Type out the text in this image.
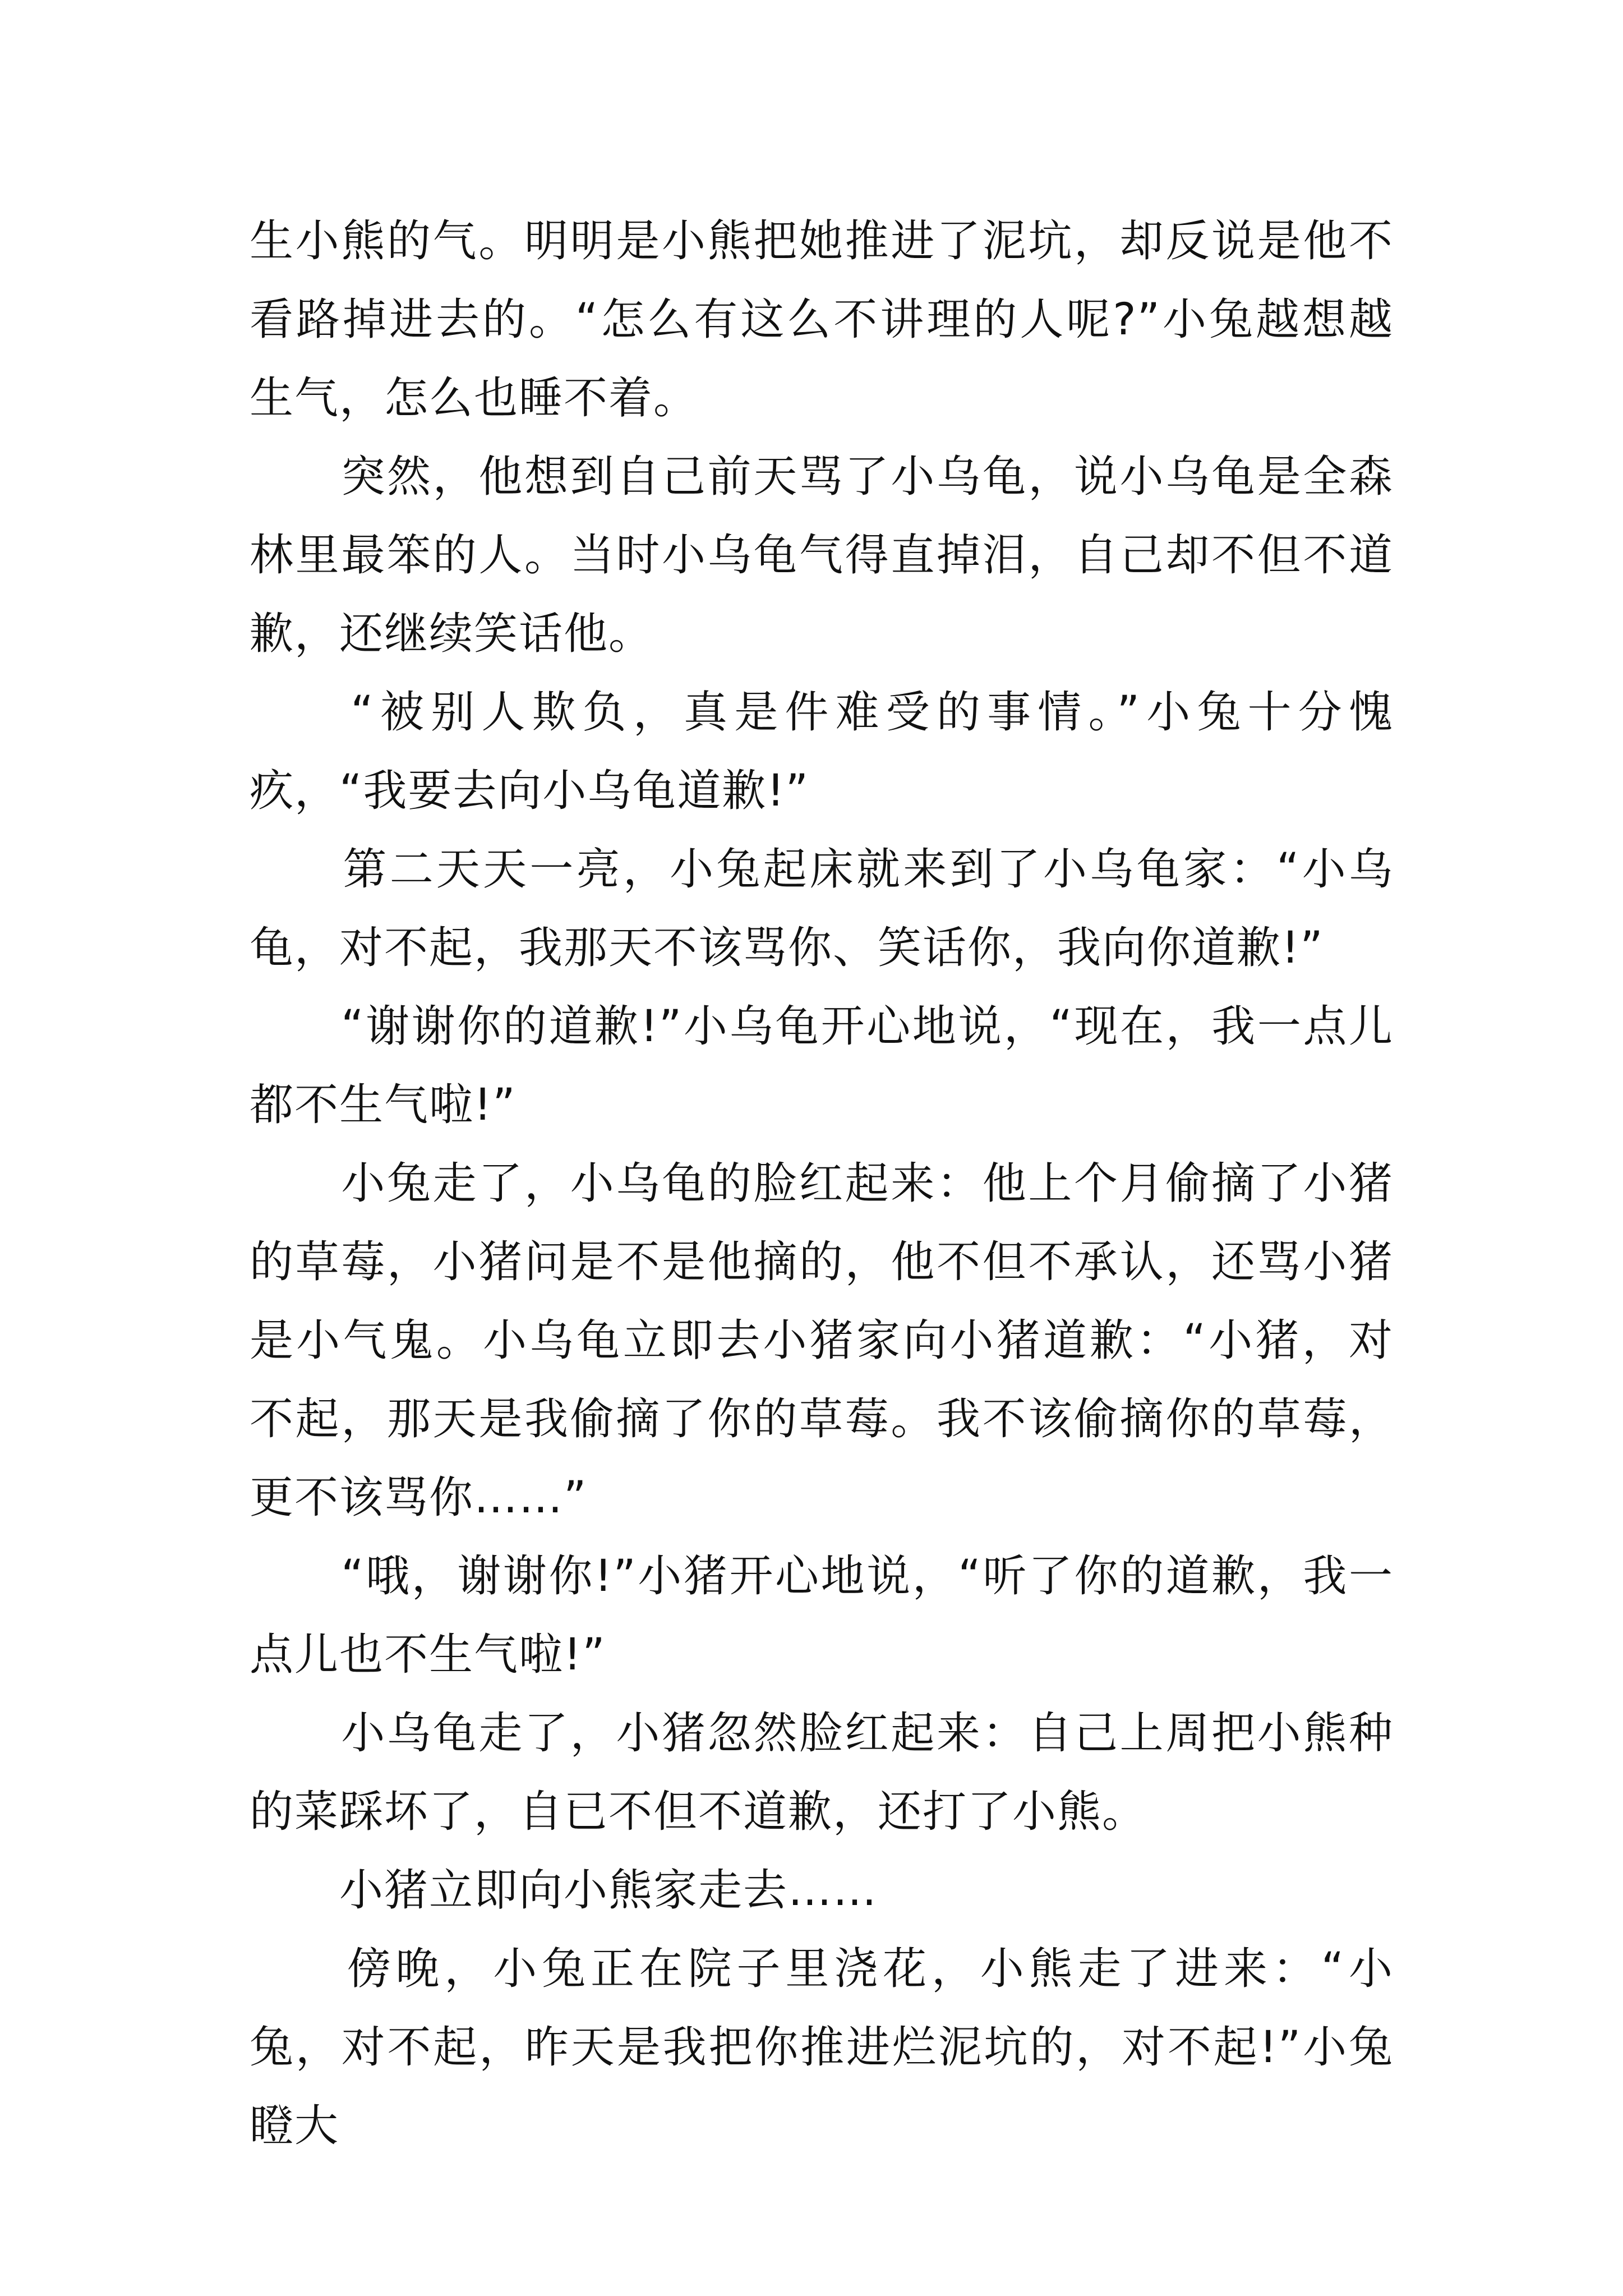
生小熊的气。明明是小熊把她推进了泥坑，却反说是他不看路掉进去的。“怎么有这么不讲理的人呢?”小兔越想越生气，怎么也睡不着。

　　突然，他想到自己前天骂了小乌龟，说小乌龟是全森林里最笨的人。当时小乌龟气得直掉泪，自己却不但不道歉，还继续笑话他。

　　“被别人欺负，真是件难受的事情。”小兔十分愧疚，“我要去向小乌龟道歉!”

　　第二天天一亮，小兔起床就来到了小乌龟家：“小乌龟，对不起，我那天不该骂你、笑话你，我向你道歉!”

　　“谢谢你的道歉!”小乌龟开心地说，“现在，我一点儿都不生气啦!”

　　小兔走了，小乌龟的脸红起来：他上个月偷摘了小猪的草莓，小猪问是不是他摘的，他不但不承认，还骂小猪是小气鬼。小乌龟立即去小猪家向小猪道歉：“小猪，对不起，那天是我偷摘了你的草莓。我不该偷摘你的草莓，更不该骂你……”

　　“哦，谢谢你!”小猪开心地说，“听了你的道歉，我一点儿也不生气啦!”

　　小乌龟走了，小猪忽然脸红起来：自己上周把小熊种的菜踩坏了，自已不但不道歉，还打了小熊。

　　小猪立即向小熊家走去……

　　傍晚，小兔正在院子里浇花，小熊走了进来：“小兔，对不起，昨天是我把你推进烂泥坑的，对不起!”小兔瞪大
